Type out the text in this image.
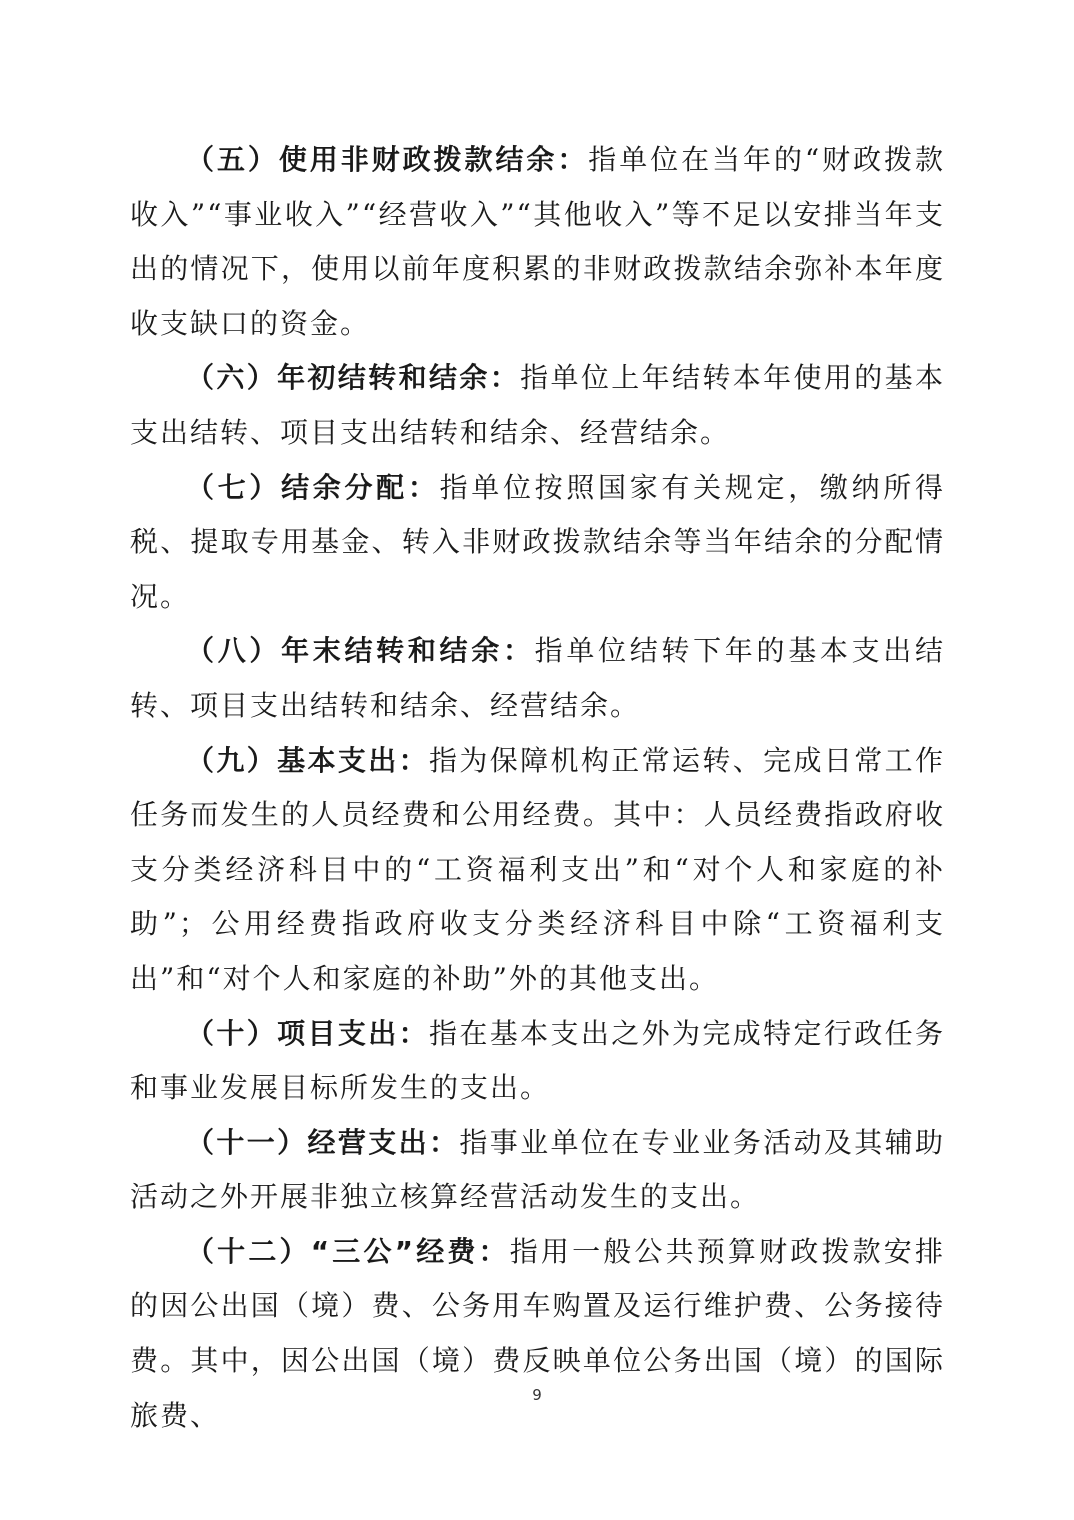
（五）使用非财政拨款结余：指单位在当年的“财政拨款收入”“事业收入”“经营收入”“其他收入”等不足以安排当年支出的情况下，使用以前年度积累的非财政拨款结余弥补本年度收支缺口的资金。

（六）年初结转和结余：指单位上年结转本年使用的基本支出结转、项目支出结转和结余、经营结余。

（七）结余分配：指单位按照国家有关规定，缴纳所得税、提取专用基金、转入非财政拨款结余等当年结余的分配情况。

（八）年末结转和结余：指单位结转下年的基本支出结转、项目支出结转和结余、经营结余。

（九）基本支出：指为保障机构正常运转、完成日常工作任务而发生的人员经费和公用经费。其中：人员经费指政府收支分类经济科目中的“工资福利支出”和“对个人和家庭的补助”；公用经费指政府收支分类经济科目中除“工资福利支出”和“对个人和家庭的补助”外的其他支出。

（十）项目支出：指在基本支出之外为完成特定行政任务和事业发展目标所发生的支出。

（十一）经营支出：指事业单位在专业业务活动及其辅助活动之外开展非独立核算经营活动发生的支出。

（十二）“三公”经费：指用一般公共预算财政拨款安排的因公出国（境）费、公务用车购置及运行维护费、公务接待费。其中，因公出国（境）费反映单位公务出国（境）的国际旅费、

9
